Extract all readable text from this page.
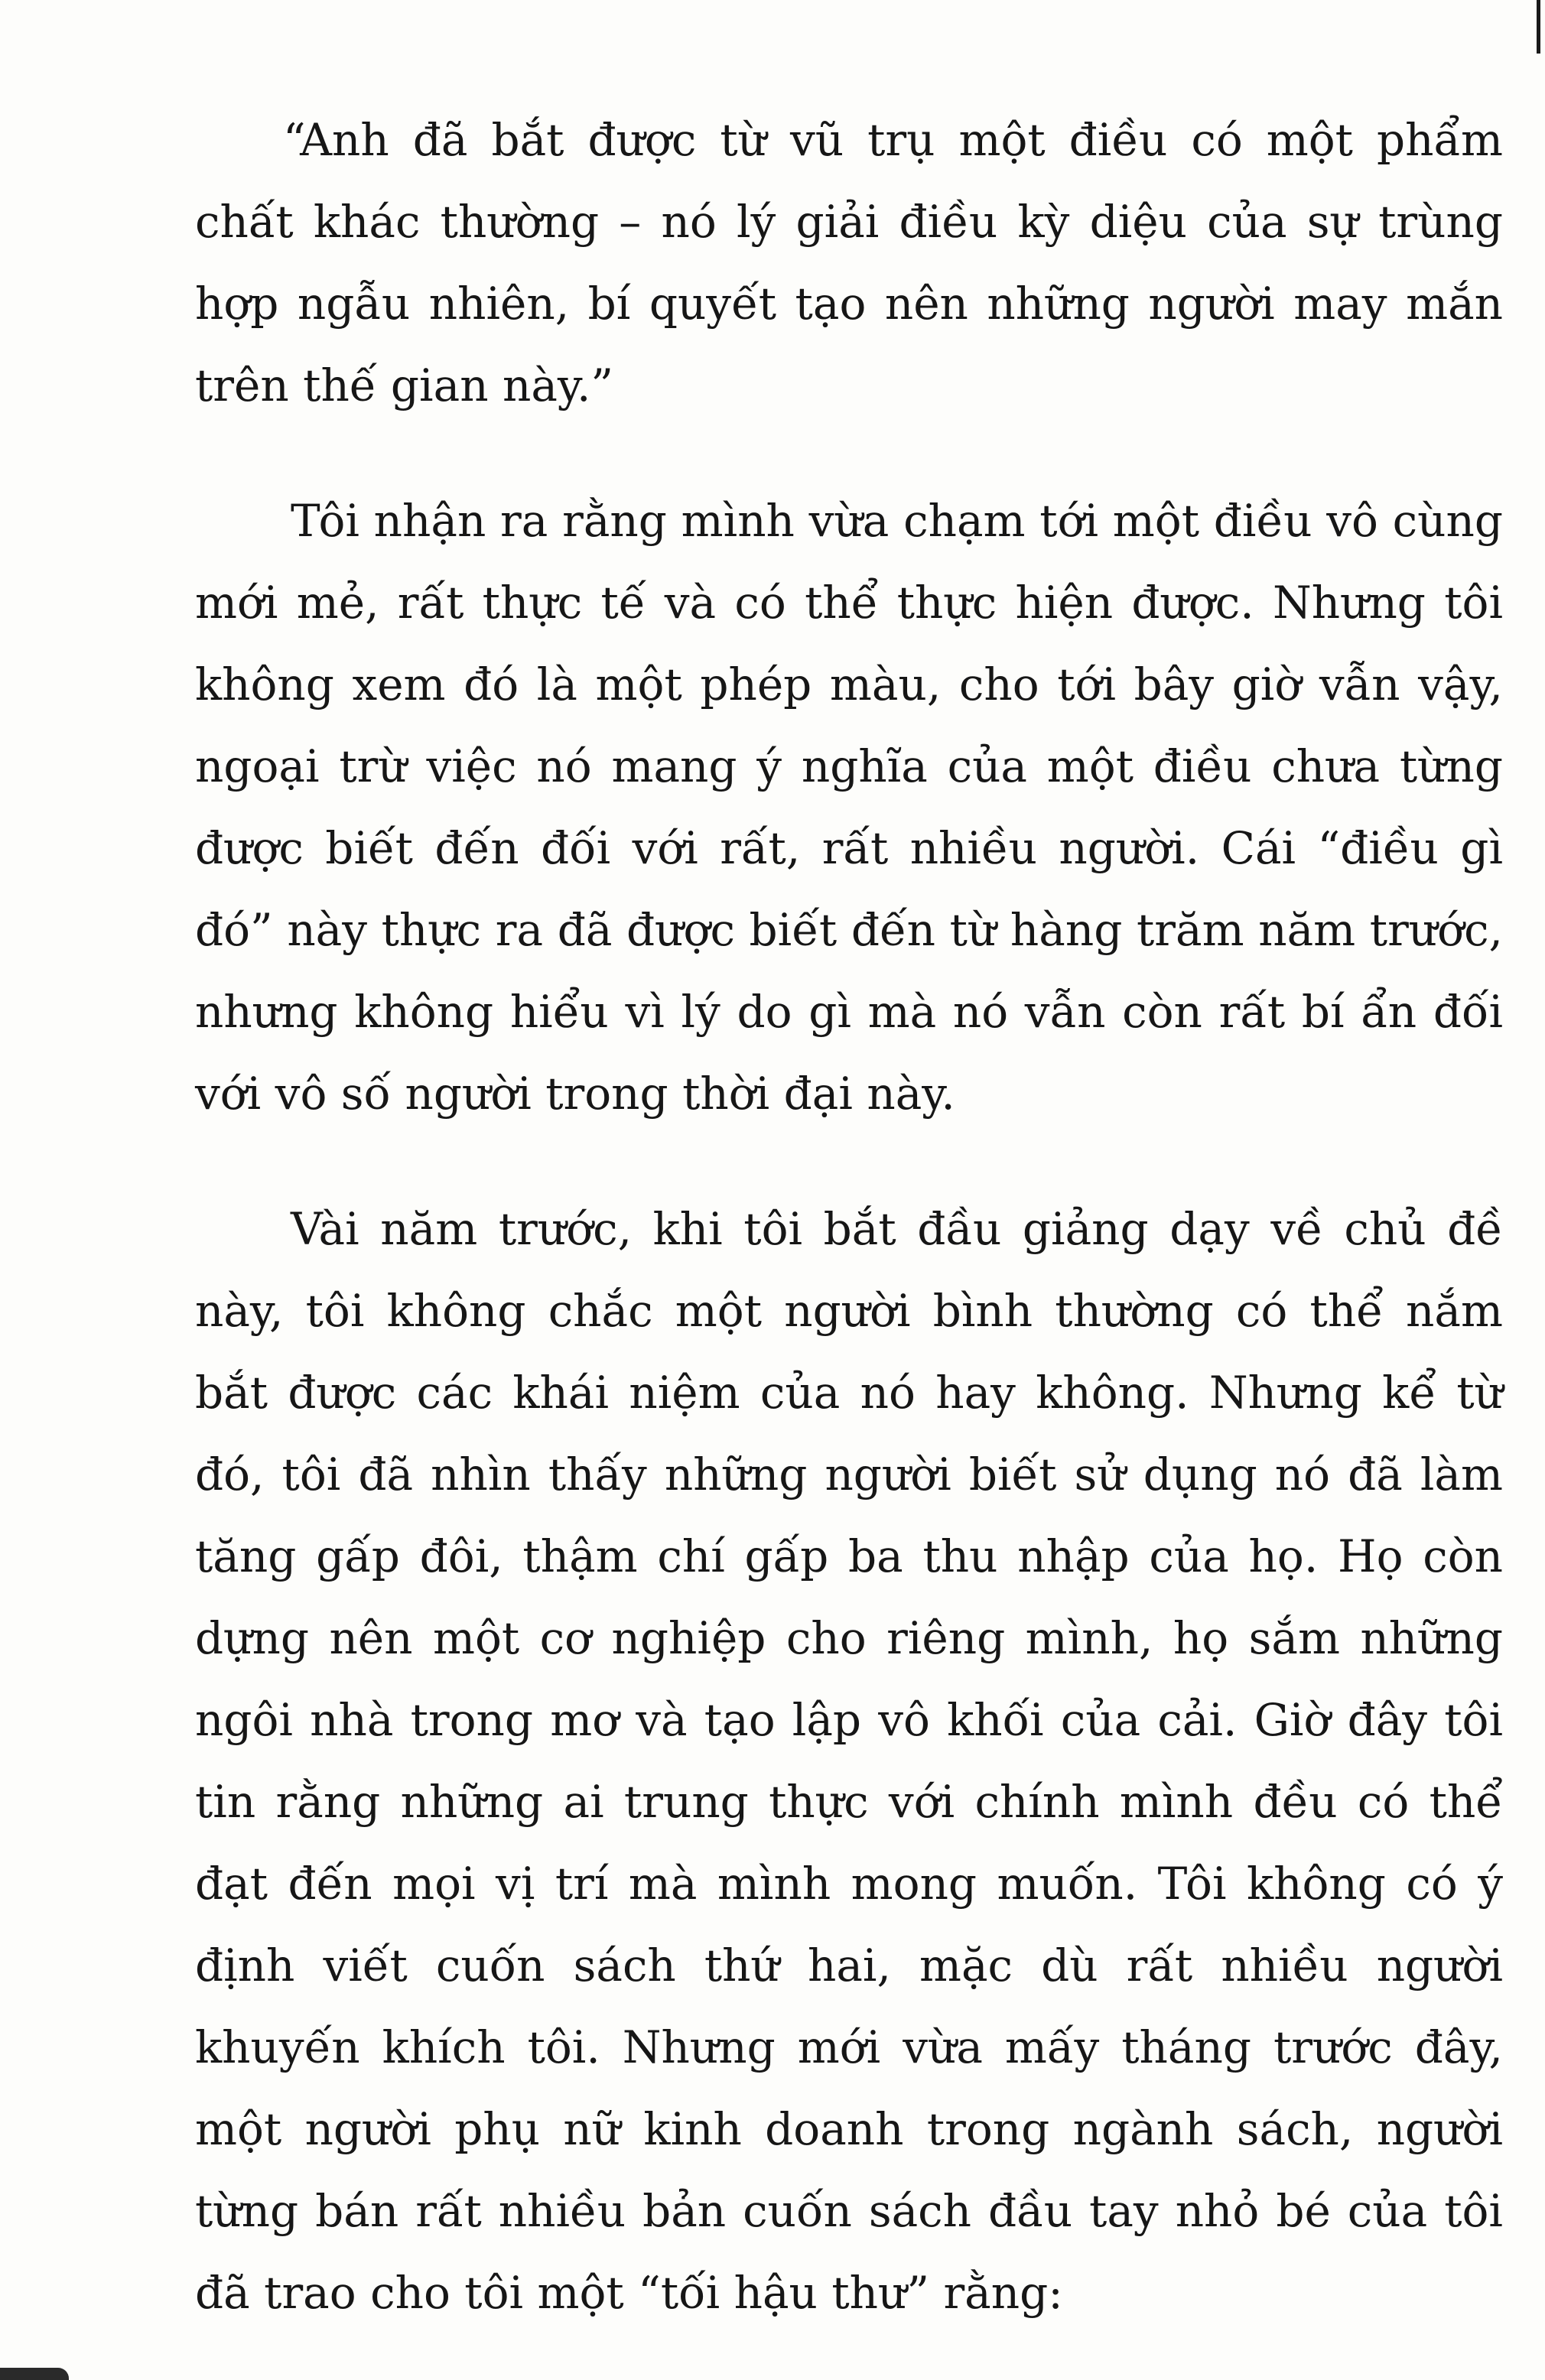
“Anh đã bắt được từ vũ trụ một điều có một phẩm chất khác thường – nó lý giải điều kỳ diệu của sự trùng hợp ngẫu nhiên, bí quyết tạo nên những người may mắn trên thế gian này.”

Tôi nhận ra rằng mình vừa chạm tới một điều vô cùng mới mẻ, rất thực tế và có thể thực hiện được. Nhưng tôi không xem đó là một phép màu, cho tới bây giờ vẫn vậy, ngoại trừ việc nó mang ý nghĩa của một điều chưa từng được biết đến đối với rất, rất nhiều người. Cái “điều gì đó” này thực ra đã được biết đến từ hàng trăm năm trước, nhưng không hiểu vì lý do gì mà nó vẫn còn rất bí ẩn đối với vô số người trong thời đại này.

Vài năm trước, khi tôi bắt đầu giảng dạy về chủ đề này, tôi không chắc một người bình thường có thể nắm bắt được các khái niệm của nó hay không. Nhưng kể từ đó, tôi đã nhìn thấy những người biết sử dụng nó đã làm tăng gấp đôi, thậm chí gấp ba thu nhập của họ. Họ còn dựng nên một cơ nghiệp cho riêng mình, họ sắm những ngôi nhà trong mơ và tạo lập vô khối của cải. Giờ đây tôi tin rằng những ai trung thực với chính mình đều có thể đạt đến mọi vị trí mà mình mong muốn. Tôi không có ý định viết cuốn sách thứ hai, mặc dù rất nhiều người khuyến khích tôi. Nhưng mới vừa mấy tháng trước đây, một người phụ nữ kinh doanh trong ngành sách, người từng bán rất nhiều bản cuốn sách đầu tay nhỏ bé của tôi đã trao cho tôi một “tối hậu thư” rằng:
